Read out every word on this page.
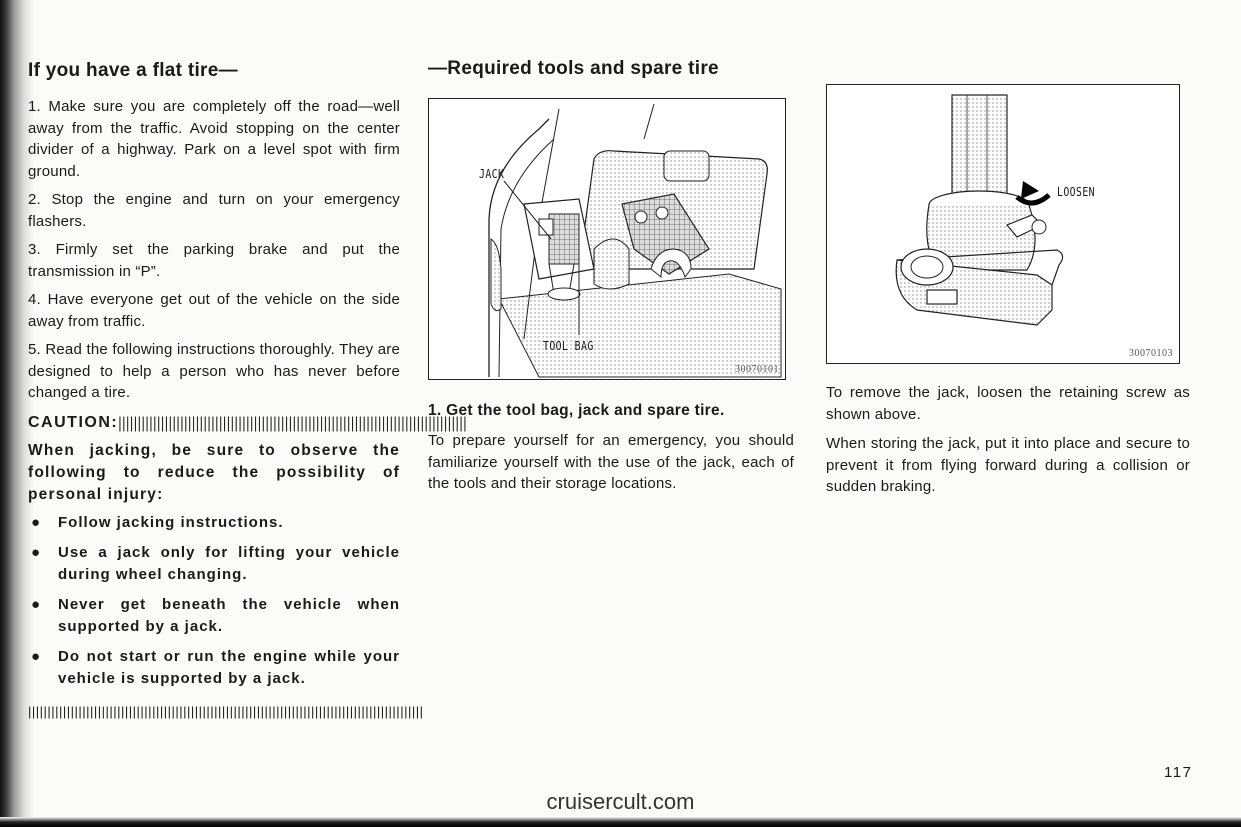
If you have a flat tire—

1. Make sure you are completely off the road—well away from the traffic. Avoid stopping on the center divider of a highway. Park on a level spot with firm ground.

2. Stop the engine and turn on your emergency flashers.

3. Firmly set the parking brake and put the transmission in “P”.

4. Have everyone get out of the vehicle on the side away from traffic.

5. Read the following instructions thoroughly. They are designed to help a person who has never before changed a tire.

CAUTION:||||||||||||||||||||||||||||||||||||||||||||||||||||||||||||||||||||||||||||||||||||||||||

When jacking, be sure to observe the following to reduce the possibility of personal injury:

● Follow jacking instructions.
● Use a jack only for lifting your vehicle during wheel changing.
● Never get beneath the vehicle when supported by a jack.
● Do not start or run the engine while your vehicle is supported by a jack.
||||||||||||||||||||||||||||||||||||||||||||||||||||||||||||||||||||||||||||||||||||||||||||||||||||||
—Required tools and spare tire
JACK
TOOL BAG
30070101

1. Get the tool bag, jack and spare tire.

To prepare yourself for an emergency, you should familiarize yourself with the use of the jack, each of the tools and their storage locations.

LOOSEN
30070103

To remove the jack, loosen the retaining screw as shown above.

When storing the jack, put it into place and secure to prevent it from flying forward during a collision or sudden braking.

117
cruisercult.com
